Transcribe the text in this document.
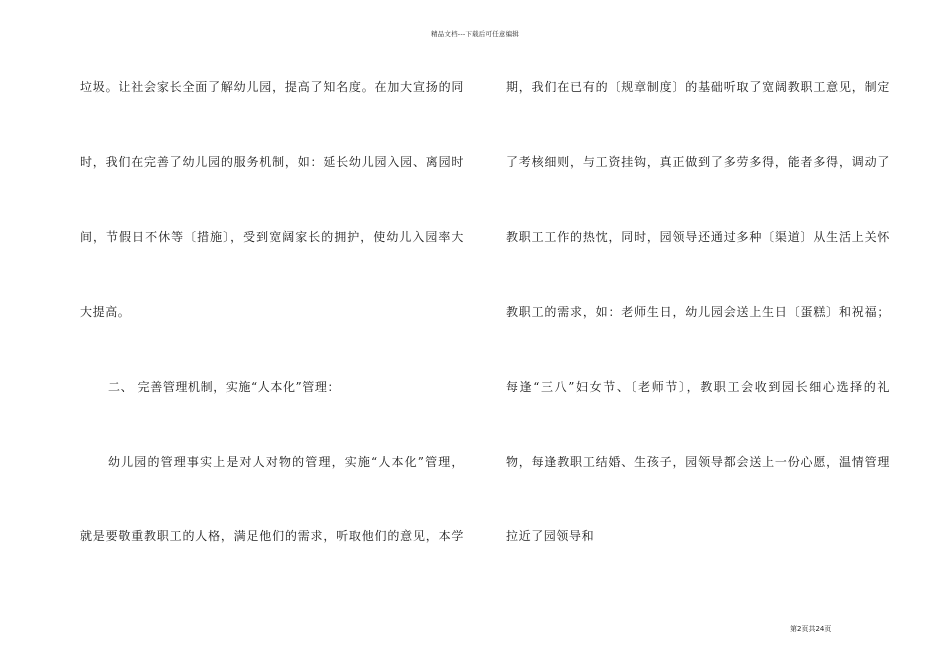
精品文档---下载后可任意编辑
垃圾。让社会家长全面了解幼儿园，提高了知名度。在加大宣扬的同
时，我们在完善了幼儿园的服务机制，如：延长幼儿园入园、离园时
间，节假日不休等〔措施〕，受到宽阔家长的拥护，使幼儿入园率大
大提高。
二、 完善管理机制，实施“人本化”管理：
幼儿园的管理事实上是对人对物的管理，实施“人本化”管理，
就是要敬重教职工的人格，满足他们的需求，听取他们的意见，本学
期，我们在已有的〔规章制度〕的基础听取了宽阔教职工意见，制定
了考核细则，与工资挂钩，真正做到了多劳多得，能者多得，调动了
教职工工作的热忱，同时，园领导还通过多种〔渠道〕从生活上关怀
教职工的需求，如：老师生日，幼儿园会送上生日〔蛋糕〕和祝福；
每逢“三八”妇女节、〔老师节〕，教职工会收到园长细心选择的礼
物，每逢教职工结婚、生孩子，园领导都会送上一份心愿，温情管理
拉近了园领导和
第2页共24页
